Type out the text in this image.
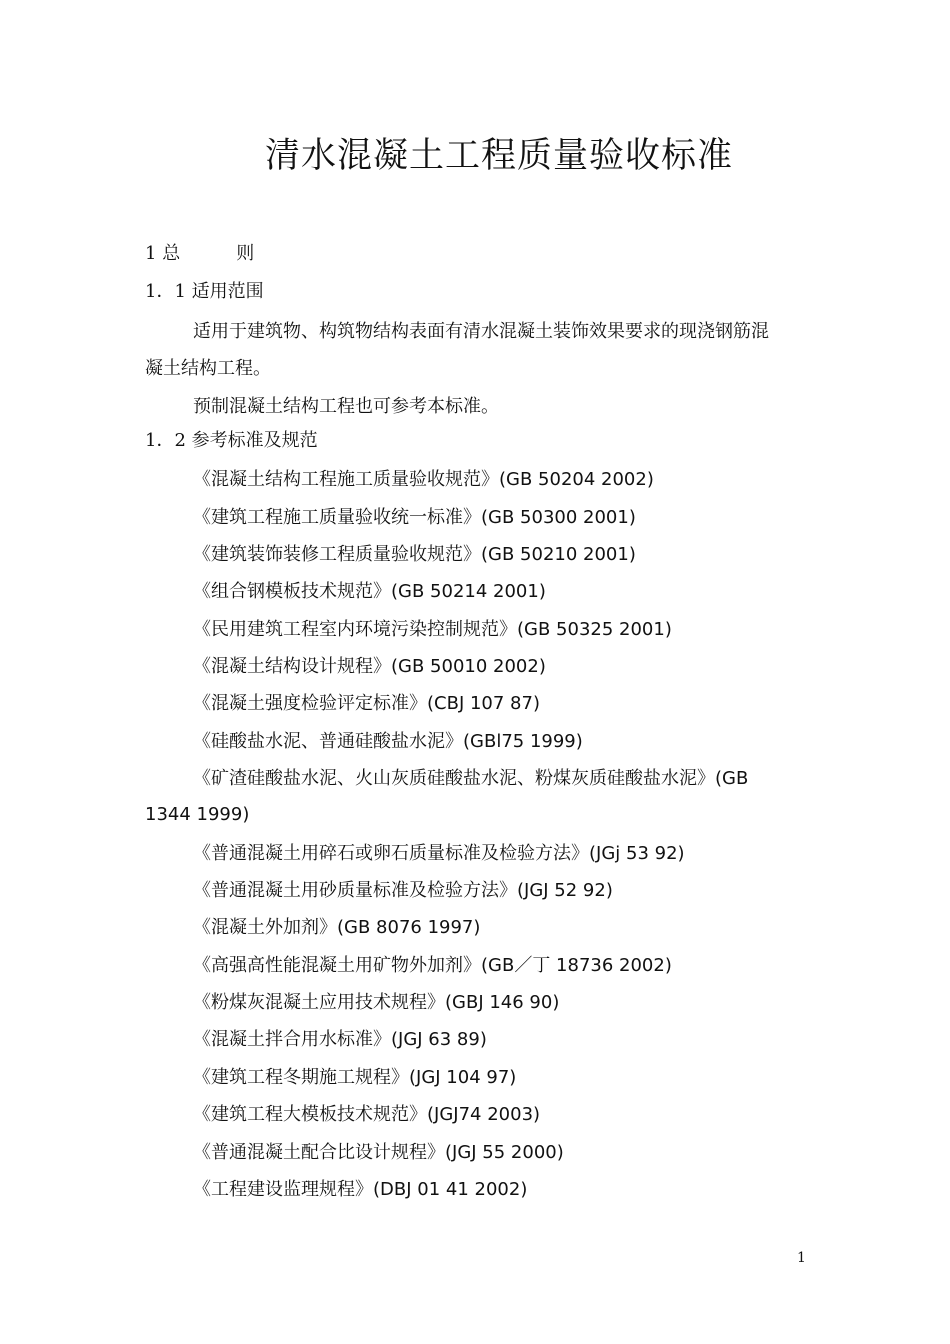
清水混凝土工程质量验收标准
1 总	则
1．1 适用范围
适用于建筑物、构筑物结构表面有清水混凝土装饰效果要求的现浇钢筋混
凝土结构工程。
预制混凝土结构工程也可参考本标准。
1．2 参考标准及规范
《混凝土结构工程施工质量验收规范》(GB 50204 2002)
《建筑工程施工质量验收统一标准》(GB 50300 2001)
《建筑装饰装修工程质量验收规范》(GB 50210 2001)
《组合钢模板技术规范》(GB 50214 2001)
《民用建筑工程室内环境污染控制规范》(GB 50325 2001)
《混凝土结构设计规程》(GB 50010 2002)
《混凝土强度检验评定标准》(CBJ 107 87)
《硅酸盐水泥、普通硅酸盐水泥》(GBl75 1999)
《矿渣硅酸盐水泥、火山灰质硅酸盐水泥、粉煤灰质硅酸盐水泥》(GB
1344 1999)
《普通混凝土用碎石或卵石质量标准及检验方法》(JGj 53 92)
《普通混凝土用砂质量标准及检验方法》(JGJ 52 92)
《混凝土外加剂》(GB 8076 1997)
《高强高性能混凝土用矿物外加剂》(GB／丁 18736 2002)
《粉煤灰混凝土应用技术规程》(GBJ 146 90)
《混凝土拌合用水标准》(JGJ 63 89)
《建筑工程冬期施工规程》(JGJ 104 97)
《建筑工程大模板技术规范》(JGJ74 2003)
《普通混凝土配合比设计规程》(JGJ 55 2000)
《工程建设监理规程》(DBJ 01 41 2002)
1
